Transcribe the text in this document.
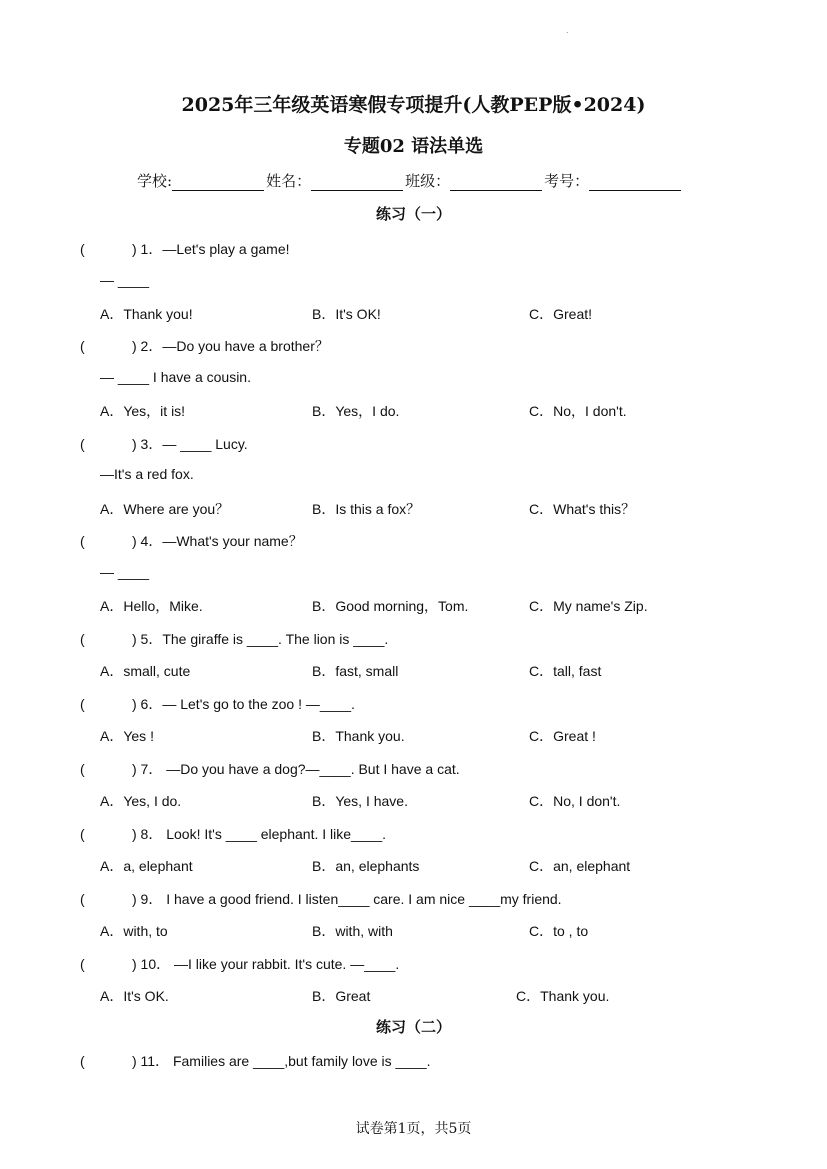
.
2025年三年级英语寒假专项提升(人教PEP版•2024)
专题02 语法单选
学校:	姓名：	班级：	考号：
练习（一）
(	) 1．—Let's play a game!
— ____
A．Thank you!	B．It's OK!	C．Great!
(	) 2．—Do you have a brother？
— ____ I have a cousin.
A．Yes，it is!	B．Yes，I do.	C．No，I don't.
(	) 3．— ____ Lucy.
—It's a red fox.
A．Where are you？	B．Is this a fox？	C．What's this？
(	) 4．—What's your name？
— ____
A．Hello，Mike.	B．Good morning，Tom.	C．My name's Zip.
(	) 5．The giraffe is ____. The lion is ____.
A．small, cute	B．fast, small	C．tall, fast
(	) 6．— Let's go to the zoo ! —____.
A．Yes !	B．Thank you.	C．Great !
(	) 7． —Do you have a dog?—____. But I have a cat.
A．Yes, I do.	B．Yes, I have.	C．No, I don't.
(	) 8． Look! It's ____ elephant. I like____.
A．a, elephant	B．an, elephants	C．an, elephant
(	) 9． I have a good friend. I listen____ care. I am nice ____my friend.
A．with, to	B．with, with	C．to , to
(	) 10． —I like your rabbit. It's cute. —____.
A．It's OK.	B．Great	C．Thank you.
练习（二）
(	) 11． Families are ____,but family love is ____.
试卷第1页，共5页
